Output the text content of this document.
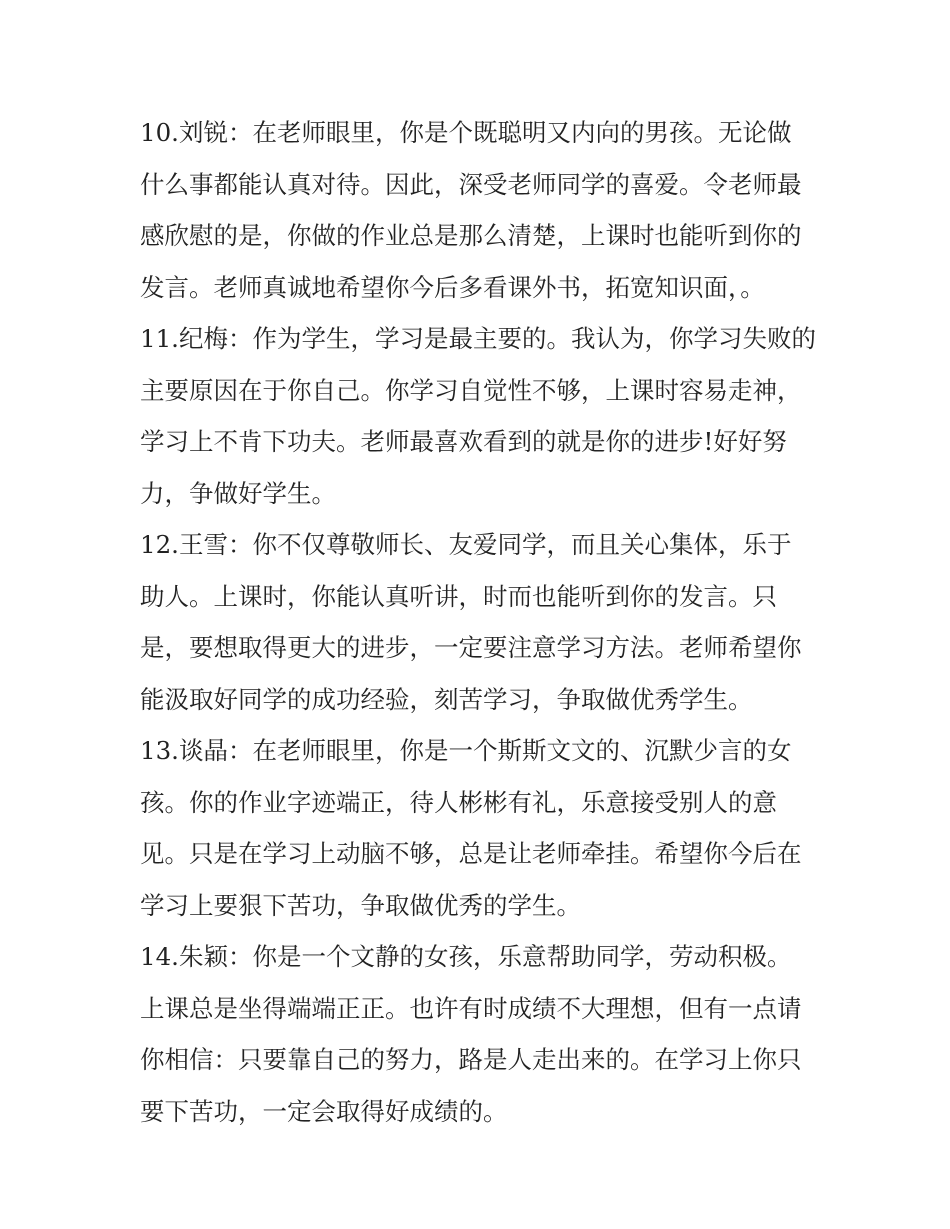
10.刘锐：在老师眼里，你是个既聪明又内向的男孩。无论做
什么事都能认真对待。因此，深受老师同学的喜爱。令老师最
感欣慰的是，你做的作业总是那么清楚，上课时也能听到你的
发言。老师真诚地希望你今后多看课外书，拓宽知识面，。
11.纪梅：作为学生，学习是最主要的。我认为，你学习失败的
主要原因在于你自己。你学习自觉性不够，上课时容易走神，
学习上不肯下功夫。老师最喜欢看到的就是你的进步!好好努
力，争做好学生。
12.王雪：你不仅尊敬师长、友爱同学，而且关心集体，乐于
助人。上课时，你能认真听讲，时而也能听到你的发言。只
是，要想取得更大的进步，一定要注意学习方法。老师希望你
能汲取好同学的成功经验，刻苦学习，争取做优秀学生。
13.谈晶：在老师眼里，你是一个斯斯文文的、沉默少言的女
孩。你的作业字迹端正，待人彬彬有礼，乐意接受别人的意
见。只是在学习上动脑不够，总是让老师牵挂。希望你今后在
学习上要狠下苦功，争取做优秀的学生。
14.朱颖：你是一个文静的女孩，乐意帮助同学，劳动积极。
上课总是坐得端端正正。也许有时成绩不大理想，但有一点请
你相信：只要靠自己的努力，路是人走出来的。在学习上你只
要下苦功，一定会取得好成绩的。
